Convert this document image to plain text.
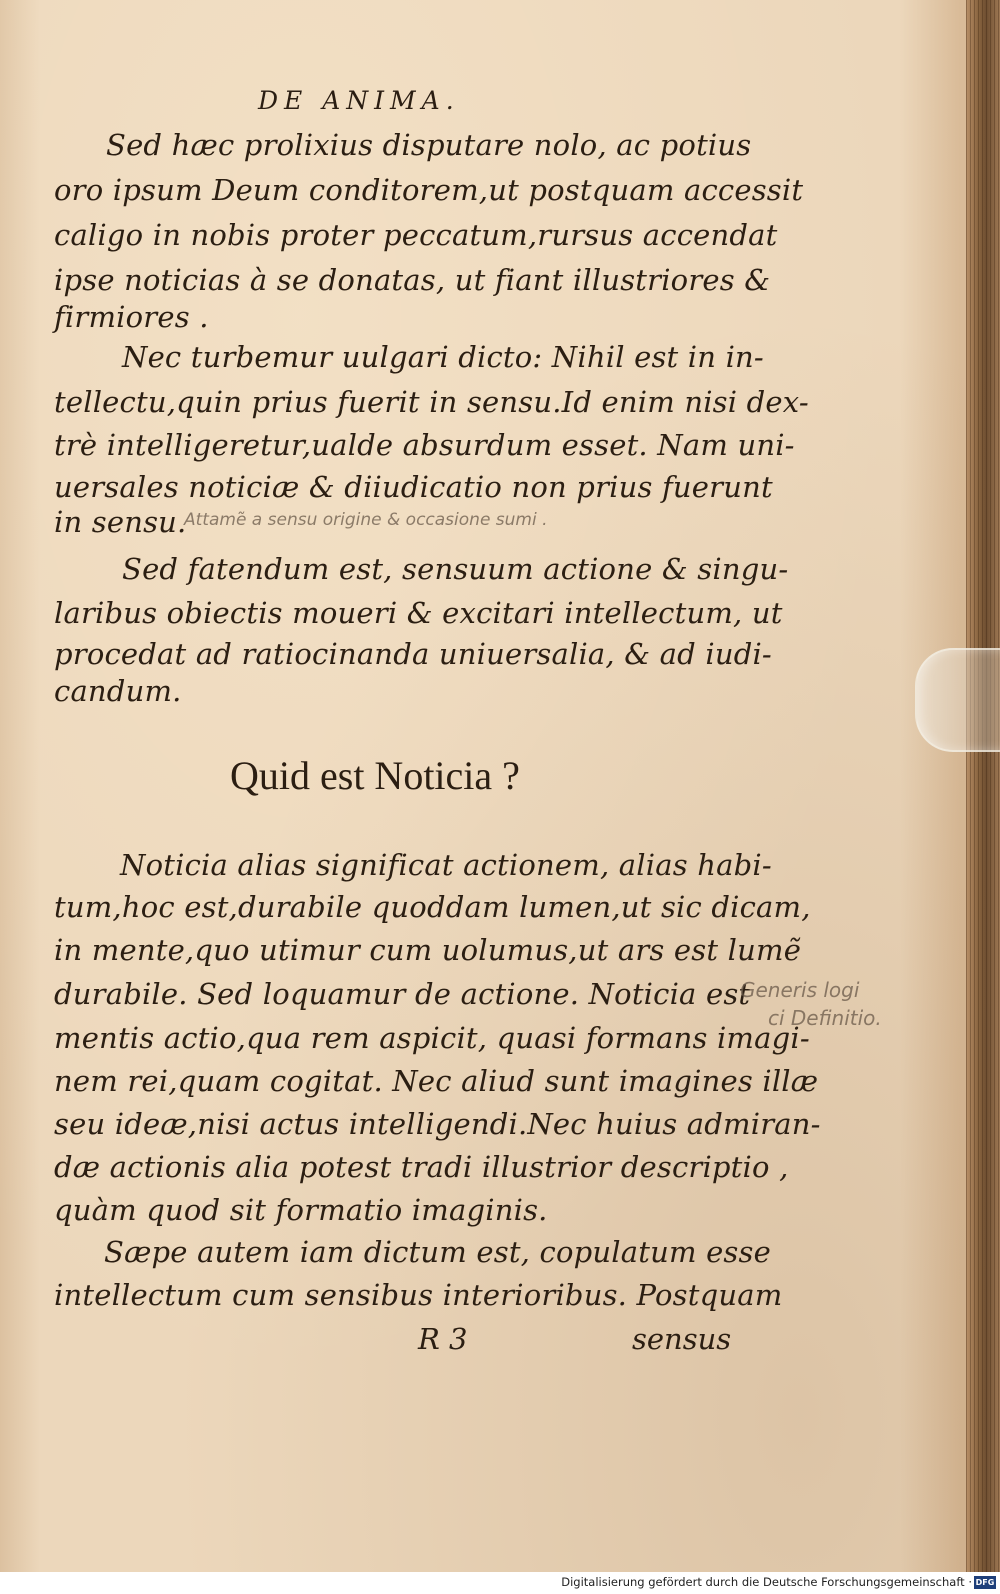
DE ANIMA.
Sed hæc prolixius disputare nolo, ac potius
oro ipsum Deum conditorem,ut postquam accessit
caligo in nobis proter peccatum,rursus accendat
ipse noticias à se donatas, ut fiant illustriores &
firmiores .
Nec turbemur uulgari dicto: Nihil est in in-
tellectu,quin prius fuerit in sensu.Id enim nisi dex-
trè intelligeretur,ualde absurdum esset. Nam uni-
uersales noticiæ & diiudicatio non prius fuerunt
in sensu.
Attamẽ a sensu origine & occasione sumi .
Sed fatendum est, sensuum actione & singu-
laribus obiectis moueri & excitari intellectum, ut
procedat ad ratiocinanda uniuersalia, & ad iudi-
candum.
Quid est Noticia ?
Noticia alias significat actionem, alias habi-
tum,hoc est,durabile quoddam lumen,ut sic dicam,
in mente,quo utimur cum uolumus,ut ars est lumẽ
durabile. Sed loquamur de actione. Noticia est
mentis actio,qua rem aspicit, quasi formans imagi-
nem rei,quam cogitat. Nec aliud sunt imagines illæ
seu ideæ,nisi actus intelligendi.Nec huius admiran-
dæ actionis alia potest tradi illustrior descriptio ,
quàm quod sit formatio imaginis.
Sæpe autem iam dictum est, copulatum esse
intellectum cum sensibus interioribus. Postquam
Generis logi
ci Definitio.
R 3	sensus
Digitalisierung gefördert durch die Deutsche Forschungsgemeinschaft · DFG
